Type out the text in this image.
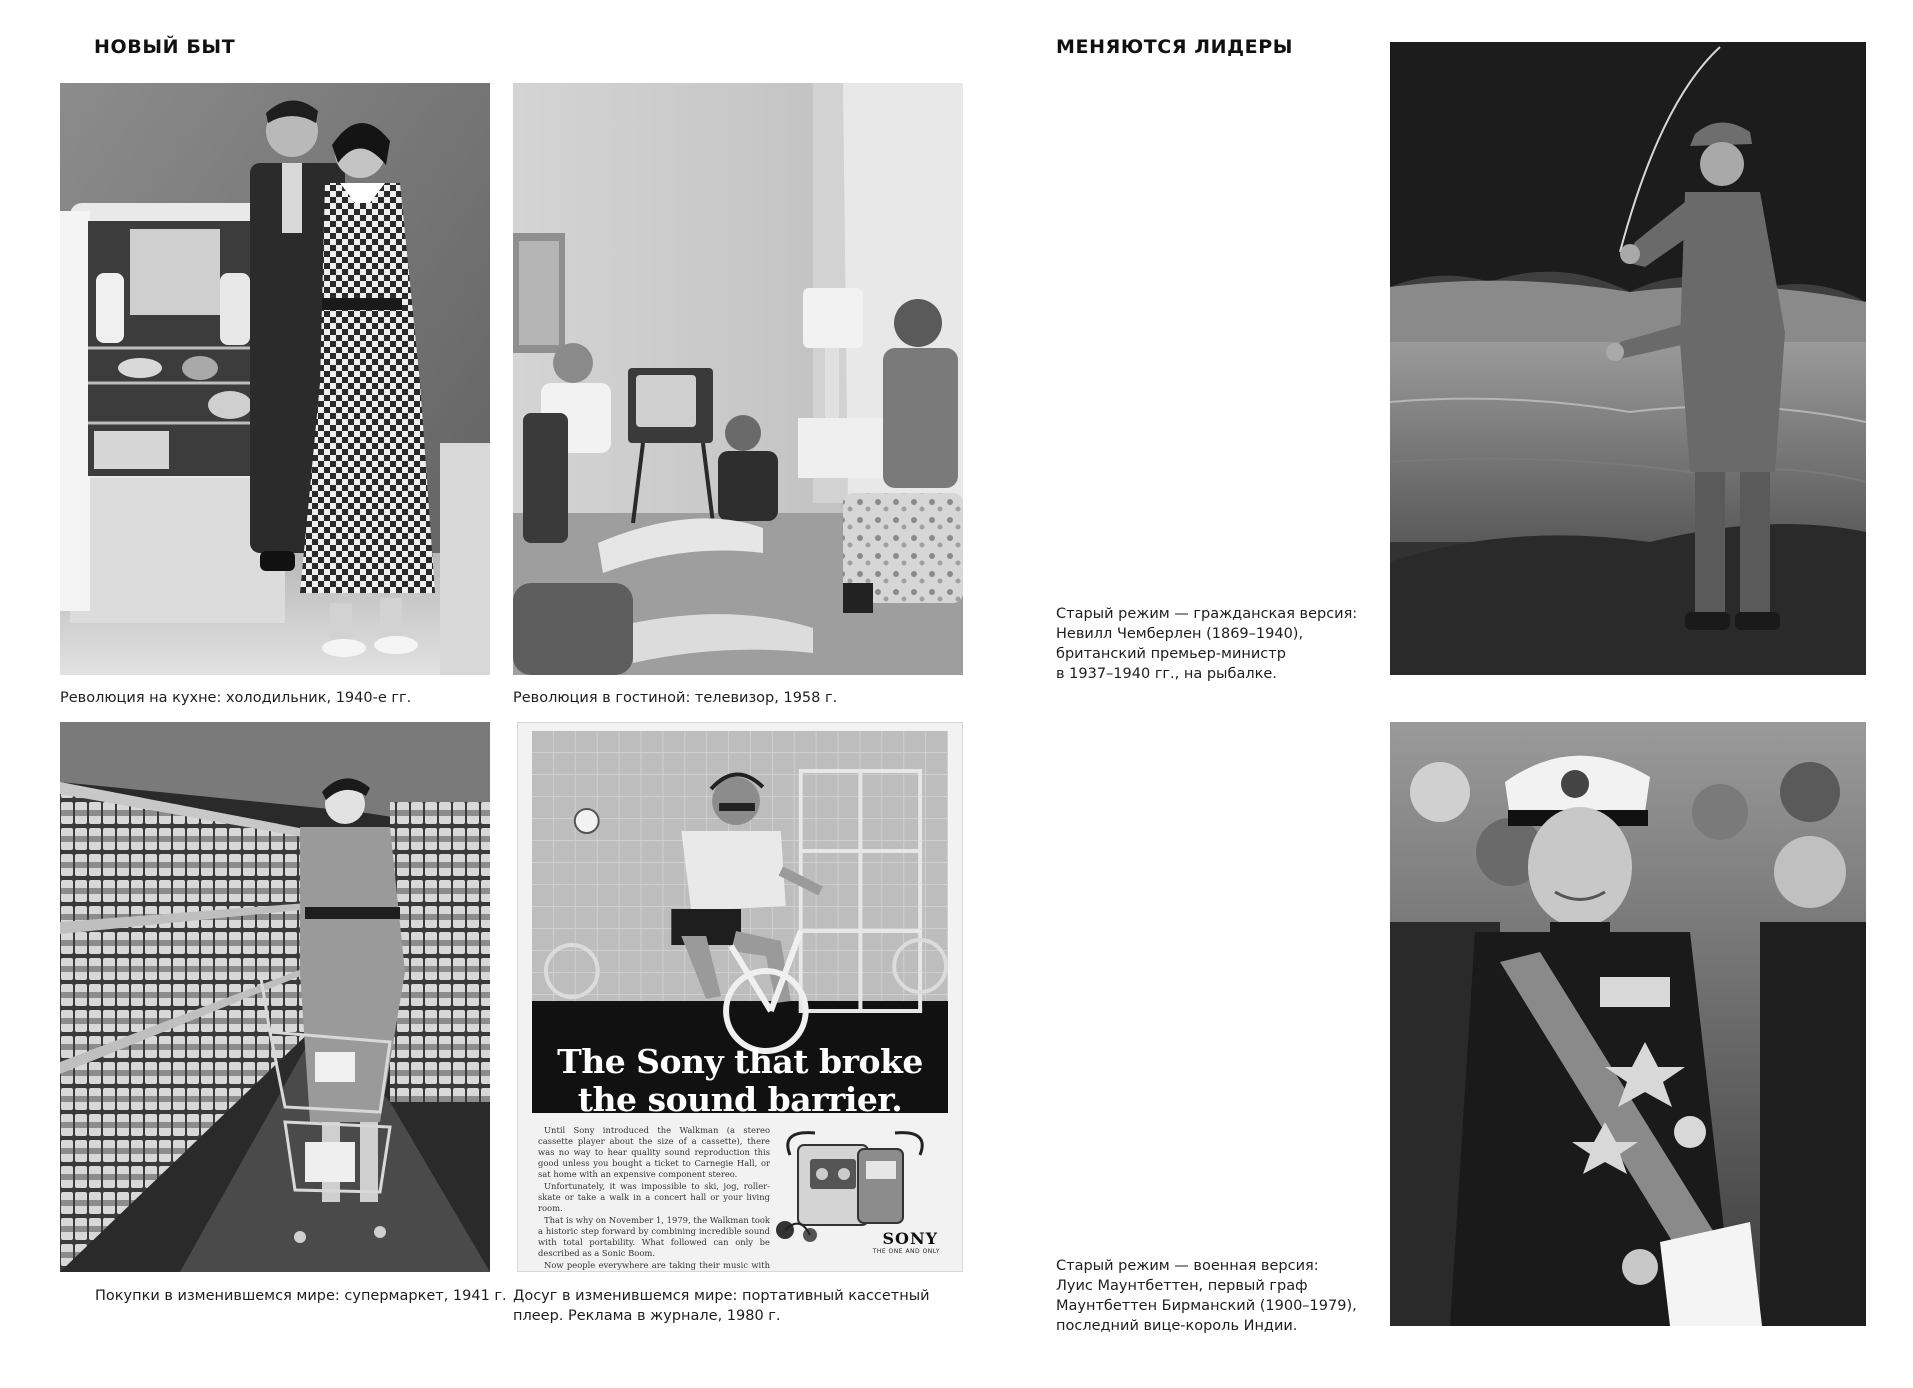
НОВЫЙ БЫТ

Революция на кухне: холодильник, 1940-е гг.	Революция в гостиной: телевизор, 1958 г.

Покупки в изменившемся мире: супермаркет, 1941 г.

The Sony that broke
the sound barrier.

Until Sony introduced the Walkman (a stereo cassette player about the size of a cassette), there was no way to hear quality sound reproduction this good unless you bought a ticket to Carnegie Hall, or sat home with an expensive component stereo.

Unfortunately, it was impossible to ski, jog, roller-skate or take a walk in a concert hall or your living room.

That is why on November 1, 1979, the Walkman took a historic step forward by combining incredible sound with total portability. What followed can only be described as a Sonic Boom.

Now people everywhere are taking their music with

SONY
THE ONE AND ONLY

Досуг в изменившемся мире: портативный кассетный
плеер. Реклама в журнале, 1980 г.

МЕНЯЮТСЯ ЛИДЕРЫ

Старый режим — гражданская версия:
Невилл Чемберлен (1869–1940),
британский премьер-министр
в 1937–1940 гг., на рыбалке.

Старый режим — военная версия:
Луис Маунтбеттен, первый граф
Маунтбеттен Бирманский (1900–1979),
последний вице-король Индии.
